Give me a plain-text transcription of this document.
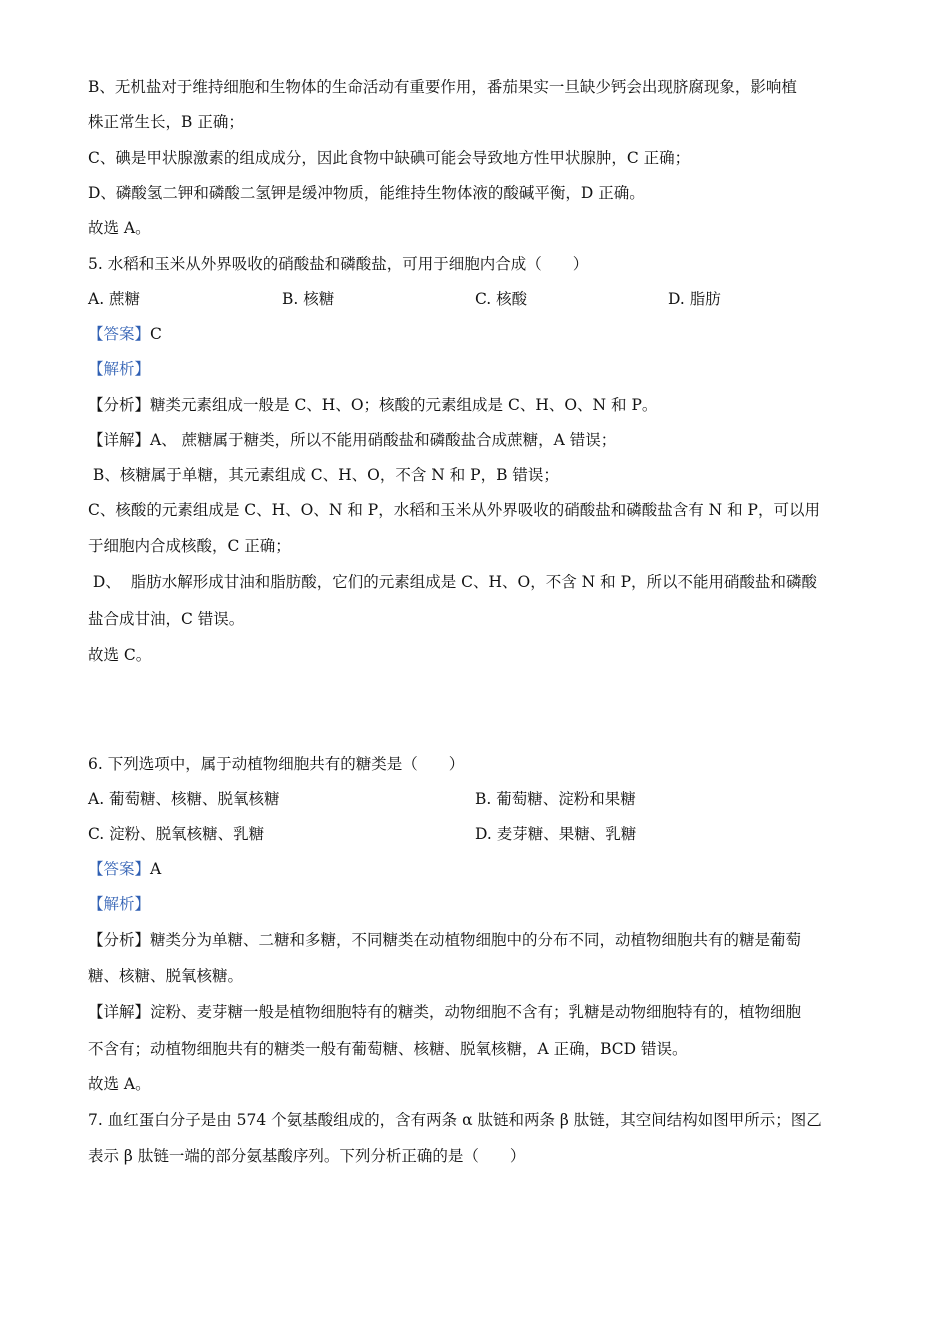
B、无机盐对于维持细胞和生物体的生命活动有重要作用，番茄果实一旦缺少钙会出现脐腐现象，影响植
株正常生长，B 正确；
C、碘是甲状腺激素的组成成分，因此食物中缺碘可能会导致地方性甲状腺肿，C 正确；
D、磷酸氢二钾和磷酸二氢钾是缓冲物质，能维持生物体液的酸碱平衡，D 正确。
故选 A。
5. 水稻和玉米从外界吸收的硝酸盐和磷酸盐，可用于细胞内合成（　　）
A. 蔗糖	B. 核糖	C. 核酸	D. 脂肪
【答案】C
【解析】
【分析】糖类元素组成一般是 C、H、O；核酸的元素组成是 C、H、O、N 和 P。
【详解】A、 蔗糖属于糖类，所以不能用硝酸盐和磷酸盐合成蔗糖，A 错误；
B、核糖属于单糖，其元素组成 C、H、O，不含 N 和 P，B 错误；
C、核酸的元素组成是 C、H、O、N 和 P，水稻和玉米从外界吸收的硝酸盐和磷酸盐含有 N 和 P，可以用
于细胞内合成核酸，C 正确；
D、  脂肪水解形成甘油和脂肪酸，它们的元素组成是 C、H、O，不含 N 和 P，所以不能用硝酸盐和磷酸
盐合成甘油，C 错误。
故选 C。
6. 下列选项中，属于动植物细胞共有的糖类是（　　）
A. 葡萄糖、核糖、脱氧核糖	B. 葡萄糖、淀粉和果糖
C. 淀粉、脱氧核糖、乳糖	D. 麦芽糖、果糖、乳糖
【答案】A
【解析】
【分析】糖类分为单糖、二糖和多糖，不同糖类在动植物细胞中的分布不同，动植物细胞共有的糖是葡萄
糖、核糖、脱氧核糖。
【详解】淀粉、麦芽糖一般是植物细胞特有的糖类，动物细胞不含有；乳糖是动物细胞特有的，植物细胞
不含有；动植物细胞共有的糖类一般有葡萄糖、核糖、脱氧核糖，A 正确，BCD 错误。
故选 A。
7. 血红蛋白分子是由 574 个氨基酸组成的，含有两条 α 肽链和两条 β 肽链，其空间结构如图甲所示；图乙
表示 β 肽链一端的部分氨基酸序列。下列分析正确的是（　　）
